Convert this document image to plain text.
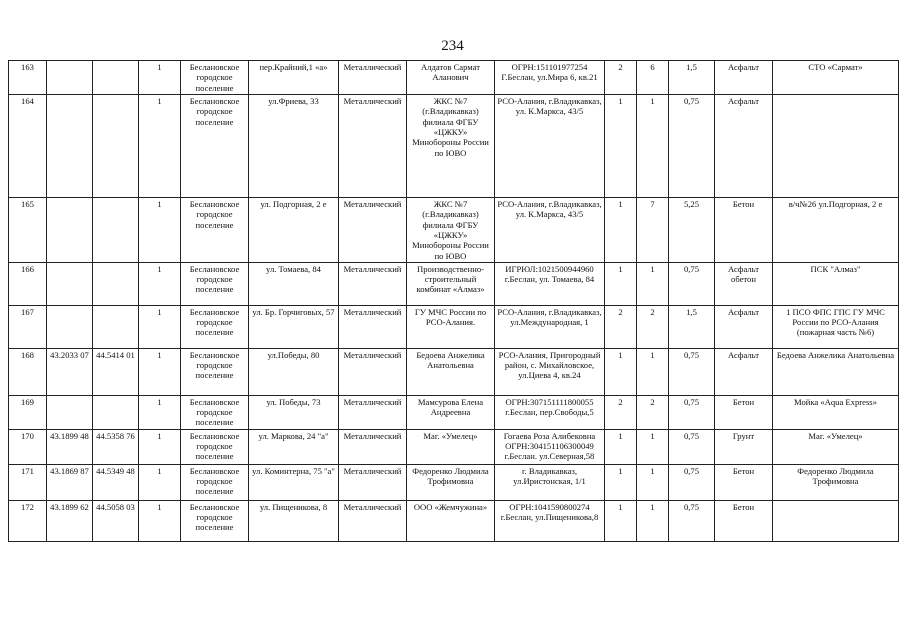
234
163			1	Беслановское городское поселение	пер.Крайний,1 «а»	Металлический	Алдатов Сармат Аланович	ОГРН:151101977254 Г.Беслан, ул.Мира 6, кв.21	2	6	1,5	Асфальт	СТО «Сармат»
164			1	Беслановское городское поселение	ул.Фриева, 33	Металлический	ЖКС №7 (г.Владикавказ) филиала ФГБУ «ЦЖКУ» Минобороны России по ЮВО	РСО-Алания, г.Владикавказ, ул. К.Маркса, 43/5	1	1	0,75	Асфальт	
165			1	Беслановское городское поселение	ул. Подгорная, 2 е	Металлический	ЖКС №7 (г.Владикавказ) филиала ФГБУ «ЦЖКУ» Минобороны России по ЮВО	РСО-Алания, г.Владикавказ, ул. К.Маркса, 43/5	1	7	5,25	Бетон	в/ч№26 ул.Подгорная, 2 е
166			1	Беслановское городское поселение	ул. Томаева, 84	Металлический	Производственно-строительный комбинат «Алмаз»	ИГРЮЛ:1021500944960 г.Беслан, ул. Томаева, 84	1	1	0,75	Асфальт обетон	ПСК "Алмаз"
167			1	Беслановское городское поселение	ул. Бр. Горчиговых, 57	Металлический	ГУ МЧС России по РСО-Алания.	РСО-Алания, г.Владикавказ, ул.Международная, 1	2	2	1,5	Асфальт	1 ПСО ФПС ГПС ГУ МЧС России по РСО-Алания (пожарная часть №6)
168	43.2033 07	44.5414 01	1	Беслановское городское поселение	ул.Победы, 80	Металлический	Бедоева Анжелика Анатольевна	РСО-Алания, Пригородный район, с. Михайловское, ул.Циева 4, кв.24	1	1	0,75	Асфальт	Бедоева Анжелика Анатольевна
169			1	Беслановское городское поселение	ул. Победы, 73	Металлический	Мамсурова Елена Андреевна	ОГРН:307151111800055 г.Беслан, пер.Свободы,5	2	2	0,75	Бетон	Мойка «Aqua Express»
170	43.1899 48	44.5358 76	1	Беслановское городское поселение	ул. Маркова, 24 "а"	Металлический	Маг. «Умелец»	Гогаева Роза Алибековна ОГРН:304151106300049 г.Беслан. ул.Северная,58	1	1	0,75	Грунт	Маг. «Умелец»
171	43.1869 87	44.5349 48	1	Беслановское городское поселение	ул. Коминтерна, 75 "а"	Металлический	Федоренко Людмила Трофимовна	г. Владикавказ, ул.Иристонская, 1/1	1	1	0,75	Бетон	Федоренко Людмила Трофимовна
172	43.1899 62	44.5058 03	1	Беслановское городское поселение	ул. Пищеникова, 8	Металлический	ООО «Жемчужина»	ОГРН:1041590800274 г.Беслан, ул.Пищеникова,8	1	1	0,75	Бетон	
